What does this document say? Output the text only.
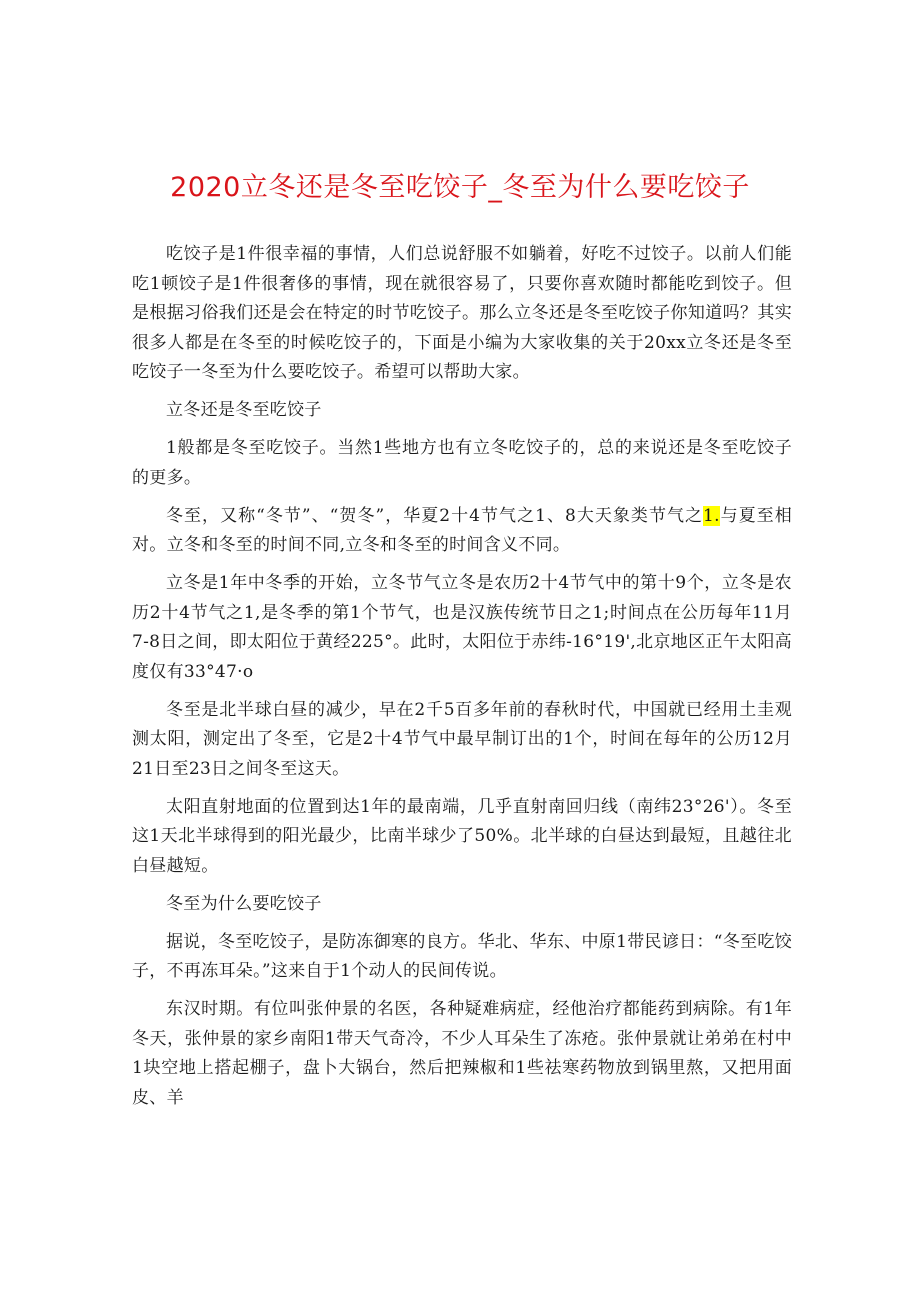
2020立冬还是冬至吃饺子_冬至为什么要吃饺子

吃饺子是1件很幸福的事情，人们总说舒服不如躺着，好吃不过饺子。以前人们能吃1顿饺子是1件很奢侈的事情，现在就很容易了，只要你喜欢随时都能吃到饺子。但是根据习俗我们还是会在特定的时节吃饺子。那么立冬还是冬至吃饺子你知道吗？其实很多人都是在冬至的时候吃饺子的，下面是小编为大家收集的关于20xx立冬还是冬至吃饺子一冬至为什么要吃饺子。希望可以帮助大家。

立冬还是冬至吃饺子

1般都是冬至吃饺子。当然1些地方也有立冬吃饺子的，总的来说还是冬至吃饺子的更多。

冬至，又称“冬节”、“贺冬”，华夏2十4节气之1、8大天象类节气之1.与夏至相对。立冬和冬至的时间不同,立冬和冬至的时间含义不同。

立冬是1年中冬季的开始，立冬节气立冬是农历2十4节气中的第十9个，立冬是农历2十4节气之1,是冬季的第1个节气，也是汉族传统节日之1;时间点在公历每年11月7-8日之间，即太阳位于黄经225°。此时，太阳位于赤纬-16°19',北京地区正午太阳高度仅有33°47·o

冬至是北半球白昼的减少，早在2千5百多年前的春秋时代，中国就已经用土圭观测太阳，测定出了冬至，它是2十4节气中最早制订出的1个，时间在每年的公历12月21日至23日之间冬至这天。

太阳直射地面的位置到达1年的最南端，几乎直射南回归线（南纬23°26'）。冬至这1天北半球得到的阳光最少，比南半球少了50%。北半球的白昼达到最短，且越往北白昼越短。

冬至为什么要吃饺子

据说，冬至吃饺子，是防冻御寒的良方。华北、华东、中原1带民谚日：“冬至吃饺子，不再冻耳朵。”这来自于1个动人的民间传说。

东汉时期。有位叫张仲景的名医，各种疑难病症，经他治疗都能药到病除。有1年冬天，张仲景的家乡南阳1带天气奇冷，不少人耳朵生了冻疮。张仲景就让弟弟在村中1块空地上搭起棚子，盘卜大锅台，然后把辣椒和1些祛寒药物放到锅里熬，又把用面皮、羊
